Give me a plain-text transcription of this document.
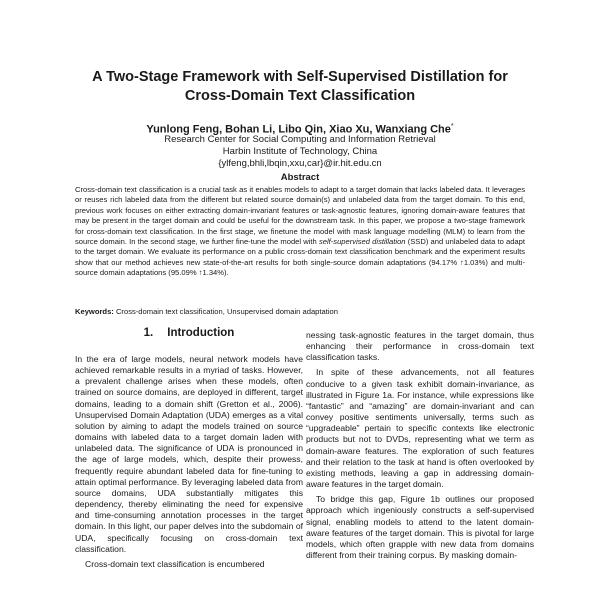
A Two-Stage Framework with Self-Supervised Distillation for
Cross-Domain Text Classification
Yunlong Feng, Bohan Li, Libo Qin, Xiao Xu, Wanxiang Che*
Research Center for Social Computing and Information Retrieval
Harbin Institute of Technology, China
{ylfeng,bhli,lbqin,xxu,car}@ir.hit.edu.cn
Abstract
Cross-domain text classification is a crucial task as it enables models to adapt to a target domain that lacks labeled data. It leverages or reuses rich labeled data from the different but related source domain(s) and unlabeled data from the target domain. To this end, previous work focuses on either extracting domain-invariant features or task-agnostic features, ignoring domain-aware features that may be present in the target domain and could be useful for the downstream task. In this paper, we propose a two-stage framework for cross-domain text classification. In the first stage, we finetune the model with mask language modelling (MLM) to learn from the source domain. In the second stage, we further fine-tune the model with self-supervised distillation (SSD) and unlabeled data to adapt to the target domain. We evaluate its performance on a public cross-domain text classification benchmark and the experiment results show that our method achieves new state-of-the-art results for both single-source domain adaptations (94.17% ↑1.03%) and multi-source domain adaptations (95.09% ↑1.34%).
Keywords: Cross-domain text classification, Unsupervised domain adaptation
1. Introduction

In the era of large models, neural network models have achieved remarkable results in a myriad of tasks. However, a prevalent challenge arises when these models, often trained on source domains, are deployed in different, target domains, leading to a domain shift (Gretton et al., 2006). Unsupervised Domain Adaptation (UDA) emerges as a vital solution by aiming to adapt the models trained on source domains with labeled data to a target domain laden with unlabeled data. The significance of UDA is pronounced in the age of large models, which, despite their prowess, frequently require abundant labeled data for fine-tuning to attain optimal performance. By leveraging labeled data from source domains, UDA substantially mitigates this dependency, thereby eliminating the need for expensive and time-consuming annotation processes in the target domain. In this light, our paper delves into the subdomain of UDA, specifically focusing on cross-domain text classification.

Cross-domain text classification is encumbered

nessing task-agnostic features in the target domain, thus enhancing their performance in cross-domain text classification tasks.

In spite of these advancements, not all features conducive to a given task exhibit domain-invariance, as illustrated in Figure 1a. For instance, while expressions like “fantastic” and “amazing” are domain-invariant and can convey positive sentiments universally, terms such as “upgradeable” pertain to specific contexts like electronic products but not to DVDs, representing what we term as domain-aware features. The exploration of such features and their relation to the task at hand is often overlooked by existing methods, leaving a gap in addressing domain-aware features in the target domain.

To bridge this gap, Figure 1b outlines our proposed approach which ingeniously constructs a self-supervised signal, enabling models to attend to the latent domain-aware features of the target domain. This is pivotal for large models, which often grapple with new data from domains different from their training corpus. By masking domain-
